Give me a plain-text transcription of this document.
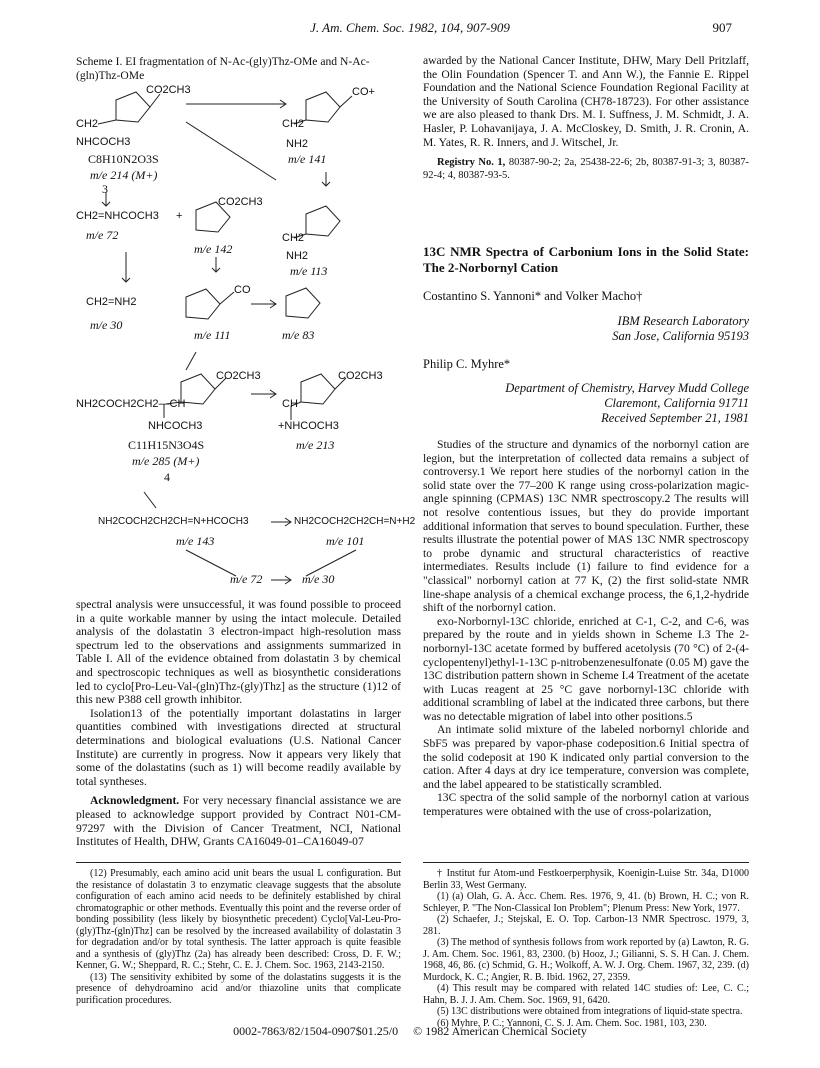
J. Am. Chem. Soc. 1982, 104, 907-909	907
Scheme I. EI fragmentation of N-Ac-(gly)Thz-OMe and N-Ac-(gln)Thz-OMe
CO2CH3
CH2
NHCOCH3
CO+
CH2
NH2
C8H10N2O3S
m/e 214 (M+)
m/e 141
3
CO2CH3
CH2=NHCOCH3 +
m/e 72
m/e 142
CH2
NH2
m/e 113
CH2=NH2
CO
m/e 30
m/e 111	m/e 83
CO2CH3
NH2COCH2CH2—CH
NHCOCH3
CO2CH3
CH
+NHCOCH3
C11H15N3O4S	m/e 213
m/e 285 (M+)
4
NH2COCH2CH2CH=N+HCOCH3	NH2COCH2CH2CH=N+H2
m/e 143	m/e 101
m/e 72	m/e 30

spectral analysis were unsuccessful, it was found possible to proceed in a quite workable manner by using the intact molecule. Detailed analysis of the dolastatin 3 electron-impact high-resolution mass spectrum led to the observations and assignments summarized in Table I. All of the evidence obtained from dolastatin 3 by chemical and spectroscopic techniques as well as biosynthetic considerations led to cyclo[Pro-Leu-Val-(gln)Thz-(gly)Thz] as the structure (1)12 of this new P388 cell growth inhibitor.

Isolation13 of the potentially important dolastatins in larger quantities combined with investigations directed at structural determinations and biological evaluations (U.S. National Cancer Institute) are currently in progress. Now it appears very likely that some of the dolastatins (such as 1) will become readily available by total syntheses.

Acknowledgment. For very necessary financial assistance we are pleased to acknowledge support provided by Contract N01-CM-97297 with the Division of Cancer Treatment, NCI, National Institutes of Health, DHW, Grants CA16049-01–CA16049-07

(12) Presumably, each amino acid unit bears the usual L configuration. But the resistance of dolastatin 3 to enzymatic cleavage suggests that the absolute configuration of each amino acid needs to be definitely established by chiral chromatographic or other methods. Eventually this point and the reverse order of bonding possibility (less likely by biosynthetic precedent) Cyclo[Val-Leu-Pro-(gly)Thz-(gln)Thz] can be resolved by the increased availability of dolastatin 3 for degradation and/or by total synthesis. The latter approach is quite feasible and a synthesis of (gly)Thz (2a) has already been described: Cross, D. F. W.; Kenner, G. W.; Sheppard, R. C.; Stehr, C. E. J. Chem. Soc. 1963, 2143-2150.

(13) The sensitivity exhibited by some of the dolastatins suggests it is the presence of dehydroamino acid and/or thiazoline units that complicate purification procedures.

awarded by the National Cancer Institute, DHW, Mary Dell Pritzlaff, the Olin Foundation (Spencer T. and Ann W.), the Fannie E. Rippel Foundation and the National Science Foundation Regional Facility at the University of South Carolina (CH78-18723). For other assistance we are also pleased to thank Drs. M. I. Suffness, J. M. Schmidt, J. A. Hasler, P. Lohavanijaya, J. A. McCloskey, D. Smith, J. R. Cronin, A. M. Yates, R. R. Inners, and J. Witschel, Jr.

Registry No. 1, 80387-90-2; 2a, 25438-22-6; 2b, 80387-91-3; 3, 80387-92-4; 4, 80387-93-5.

13C NMR Spectra of Carbonium Ions in the Solid State: The 2-Norbornyl Cation
Costantino S. Yannoni* and Volker Macho†
IBM Research Laboratory
San Jose, California 95193
Philip C. Myhre*
Department of Chemistry, Harvey Mudd College
Claremont, California 91711
Received September 21, 1981

Studies of the structure and dynamics of the norbornyl cation are legion, but the interpretation of collected data remains a subject of controversy.1 We report here studies of the norbornyl cation in the solid state over the 77–200 K range using cross-polarization magic-angle spinning (CPMAS) 13C NMR spectroscopy.2 The results will not resolve contentious issues, but they do provide important additional information that serves to bound speculation. Further, these results illustrate the potential power of MAS 13C NMR spectroscopy to probe dynamic and structural characteristics of reactive intermediates. Results include (1) failure to find evidence for a "classical" norbornyl cation at 77 K, (2) the first solid-state NMR line-shape analysis of a chemical exchange process, the 6,1,2-hydride shift of the norbornyl cation.

exo-Norbornyl-13C chloride, enriched at C-1, C-2, and C-6, was prepared by the route and in yields shown in Scheme I.3 The 2-norbornyl-13C acetate formed by buffered acetolysis (70 °C) of 2-(4-cyclopentenyl)ethyl-1-13C p-nitrobenzenesulfonate (0.05 M) gave the 13C distribution pattern shown in Scheme I.4 Treatment of the acetate with Lucas reagent at 25 °C gave norbornyl-13C chloride with additional scrambling of label at the indicated three carbons, but there was no detectable migration of label into other positions.5

An intimate solid mixture of the labeled norbornyl chloride and SbF5 was prepared by vapor-phase codeposition.6 Initial spectra of the solid codeposit at 190 K indicated only partial conversion to the cation. After 4 days at dry ice temperature, conversion was complete, and the label appeared to be statistically scrambled.

13C spectra of the solid sample of the norbornyl cation at various temperatures were obtained with the use of cross-polarization,

† Institut fur Atom-und Festkoerperphysik, Koenigin-Luise Str. 34a, D1000 Berlin 33, West Germany.

(1) (a) Olah, G. A. Acc. Chem. Res. 1976, 9, 41. (b) Brown, H. C.; von R. Schleyer, P. "The Non-Classical Ion Problem"; Plenum Press: New York, 1977.

(2) Schaefer, J.; Stejskal, E. O. Top. Carbon-13 NMR Spectrosc. 1979, 3, 281.

(3) The method of synthesis follows from work reported by (a) Lawton, R. G. J. Am. Chem. Soc. 1961, 83, 2300. (b) Hooz, J.; Gilianni, S. S. H Can. J. Chem. 1968, 46, 86. (c) Schmid, G. H.; Wolkoff, A. W. J. Org. Chem. 1967, 32, 239. (d) Murdock, K. C.; Angier, R. B. Ibid. 1962, 27, 2359.

(4) This result may be compared with related 14C studies of: Lee, C. C.; Hahn, B. J. J. Am. Chem. Soc. 1969, 91, 6420.

(5) 13C distributions were obtained from integrations of liquid-state spectra.

(6) Myhre, P. C.; Yannoni, C. S. J. Am. Chem. Soc. 1981, 103, 230.

0002-7863/82/1504-0907$01.25/0 © 1982 American Chemical Society
